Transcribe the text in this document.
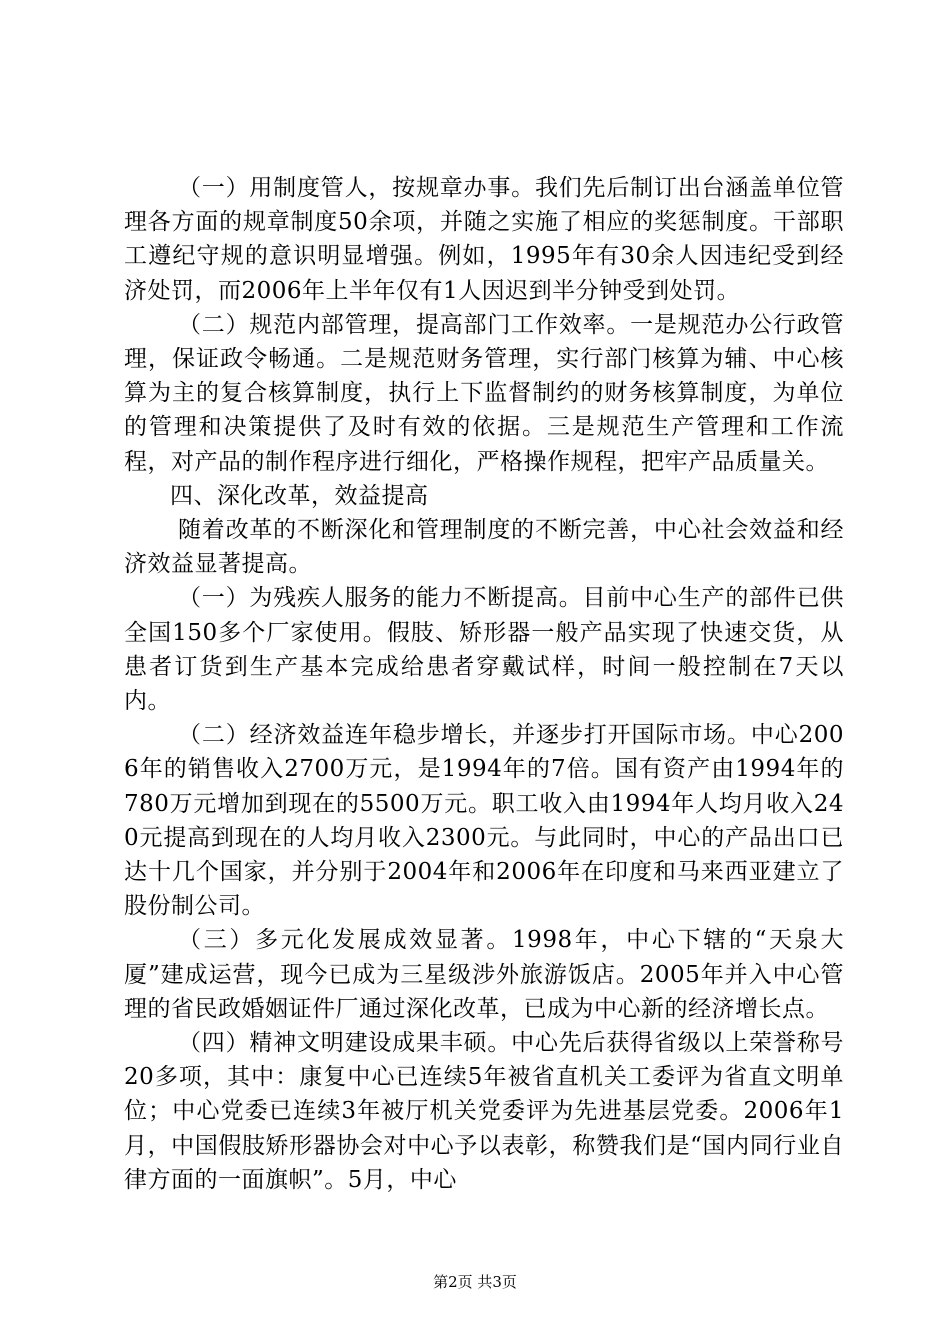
（一）用制度管人，按规章办事。我们先后制订出台涵盖单位管理各方面的规章制度50余项，并随之实施了相应的奖惩制度。干部职工遵纪守规的意识明显增强。例如，1995年有30余人因违纪受到经济处罚，而2006年上半年仅有1人因迟到半分钟受到处罚。

（二）规范内部管理，提高部门工作效率。一是规范办公行政管理，保证政令畅通。二是规范财务管理，实行部门核算为辅、中心核算为主的复合核算制度，执行上下监督制约的财务核算制度，为单位的管理和决策提供了及时有效的依据。三是规范生产管理和工作流程，对产品的制作程序进行细化，严格操作规程，把牢产品质量关。

四、深化改革，效益提高

随着改革的不断深化和管理制度的不断完善，中心社会效益和经济效益显著提高。

（一）为残疾人服务的能力不断提高。目前中心生产的部件已供全国150多个厂家使用。假肢、矫形器一般产品实现了快速交货，从患者订货到生产基本完成给患者穿戴试样，时间一般控制在7天以内。

（二）经济效益连年稳步增长，并逐步打开国际市场。中心2006年的销售收入2700万元，是1994年的7倍。国有资产由1994年的780万元增加到现在的5500万元。职工收入由1994年人均月收入240元提高到现在的人均月收入2300元。与此同时，中心的产品出口已达十几个国家，并分别于2004年和2006年在印度和马来西亚建立了股份制公司。

（三）多元化发展成效显著。1998年，中心下辖的“天泉大厦”建成运营，现今已成为三星级涉外旅游饭店。2005年并入中心管理的省民政婚姻证件厂通过深化改革，已成为中心新的经济增长点。

（四）精神文明建设成果丰硕。中心先后获得省级以上荣誉称号20多项，其中：康复中心已连续5年被省直机关工委评为省直文明单位；中心党委已连续3年被厅机关党委评为先进基层党委。2006年1月，中国假肢矫形器协会对中心予以表彰，称赞我们是“国内同行业自律方面的一面旗帜”。5月，中心

第2页 共3页
